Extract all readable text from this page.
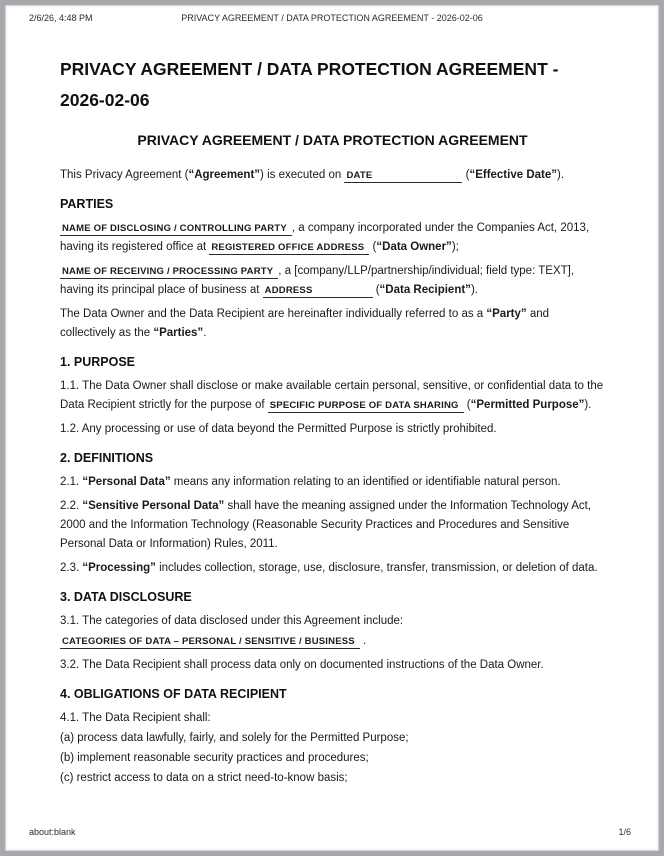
2/6/26, 4:48 PM	PRIVACY AGREEMENT / DATA PROTECTION AGREEMENT - 2026-02-06
PRIVACY AGREEMENT / DATA PROTECTION AGREEMENT - 2026-02-06
PRIVACY AGREEMENT / DATA PROTECTION AGREEMENT

This Privacy Agreement (“Agreement”) is executed on DATE	(“Effective Date”).

PARTIES

NAME OF DISCLOSING / CONTROLLING PARTY , a company incorporated under the Companies Act, 2013, having its registered office at REGISTERED OFFICE ADDRESS (“Data Owner”);

NAME OF RECEIVING / PROCESSING PARTY , a [company/LLP/partnership/individual; field type: TEXT], having its principal place of business at ADDRESS	(“Data Recipient”).

The Data Owner and the Data Recipient are hereinafter individually referred to as a “Party” and collectively as the “Parties”.

1. PURPOSE

1.1. The Data Owner shall disclose or make available certain personal, sensitive, or confidential data to the Data Recipient strictly for the purpose of SPECIFIC PURPOSE OF DATA SHARING (“Permitted Purpose”).

1.2. Any processing or use of data beyond the Permitted Purpose is strictly prohibited.

2. DEFINITIONS

2.1. “Personal Data” means any information relating to an identified or identifiable natural person.

2.2. “Sensitive Personal Data” shall have the meaning assigned under the Information Technology Act, 2000 and the Information Technology (Reasonable Security Practices and Procedures and Sensitive Personal Data or Information) Rules, 2011.

2.3. “Processing” includes collection, storage, use, disclosure, transfer, transmission, or deletion of data.

3. DATA DISCLOSURE

3.1. The categories of data disclosed under this Agreement include:

CATEGORIES OF DATA – PERSONAL / SENSITIVE / BUSINESS .

3.2. The Data Recipient shall process data only on documented instructions of the Data Owner.

4. OBLIGATIONS OF DATA RECIPIENT

4.1. The Data Recipient shall:

(a) process data lawfully, fairly, and solely for the Permitted Purpose;

(b) implement reasonable security practices and procedures;

(c) restrict access to data on a strict need-to-know basis;

about:blank	1/6
